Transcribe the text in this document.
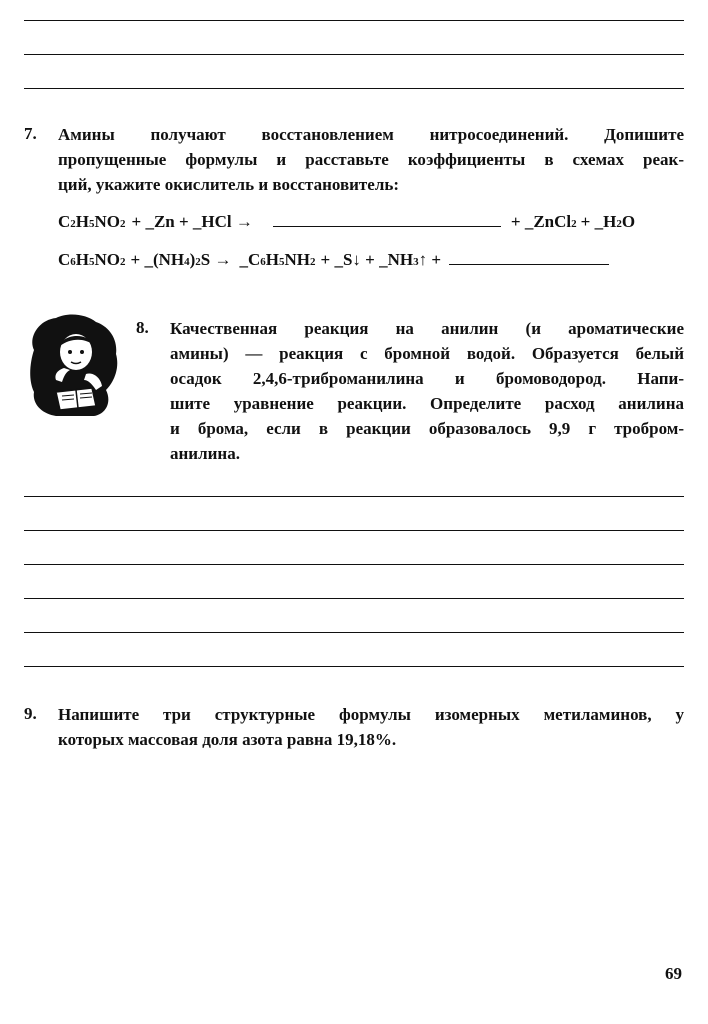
7. Амины получают восстановлением нитросоединений. Допишите
пропущенные формулы и расставьте коэффициенты в схемах реак-
ций, укажите окислитель и восстановитель:
C 2 H 5 NO 2 + _Zn + _HCl →	+ _ZnCl 2 + _H 2 O
C 6 H 5 NO 2 + _(NH 4 ) 2 S → _C 6 H 5 NH 2 + _S↓ + _NH 3 ↑ +
8. Качественная реакция на анилин (и ароматические
амины) — реакция с бромной водой. Образуется белый
осадок 2,4,6-триброманилина и бромоводород. Напи-
шите уравнение реакции. Определите расход анилина
и брома, если в реакции образовалось 9,9 г тробром-
анилина.
9. Напишите три структурные формулы изомерных метиламинов, у
которых массовая доля азота равна 19,18%.
69
